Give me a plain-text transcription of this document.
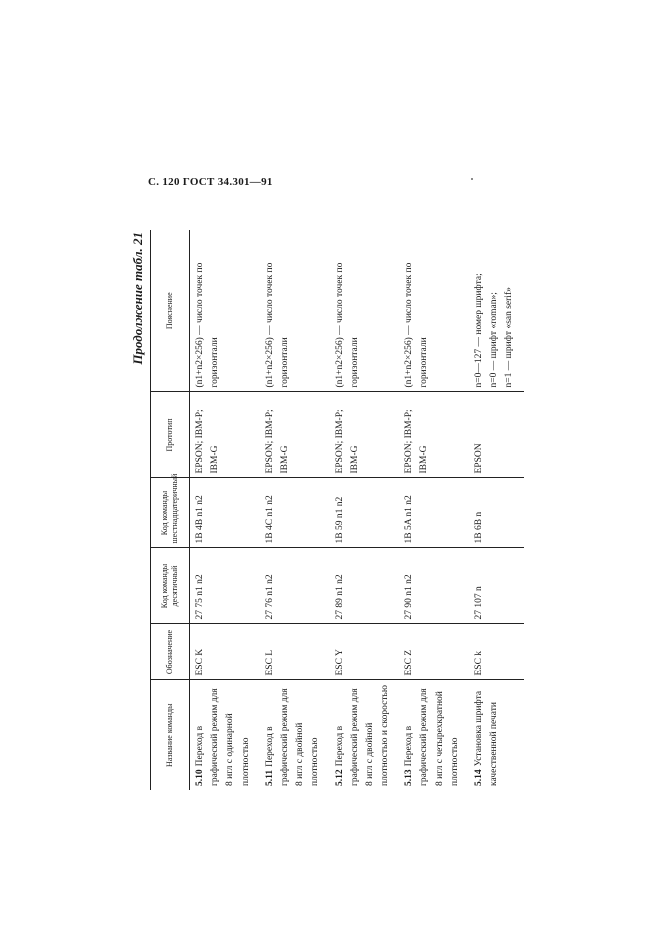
С. 120 ГОСТ 34.301—91
Продолжение табл. 21
Название команды	Обозначение	Код команды десятичный	Код команды шестнадцатеричный	Прототип	Пояснение
5.10Переход в графический режим для 8 игл с одинарной плотностью	ESC K	27 75 n1 n2	1B 4B n1 n2	EPSON; IBM-P; IBM-G	(n1+n2×256) — число точек по горизонтали
5.11Переход в графический режим для 8 игл с двойной плотностью	ESC L	27 76 n1 n2	1B 4C n1 n2	EPSON; IBM-P; IBM-G	(n1+n2×256) — число точек по горизонтали
5.12Переход в графический режим для 8 игл с двойной плотностью и скоростью	ESC Y	27 89 n1 n2	1B 59 n1 n2	EPSON; IBM-P; IBM-G	(n1+n2×256) — число точек по горизонтали
5.13Переход в графический режим для 8 игл с четырехкратной плотностью	ESC Z	27 90 n1 n2	1B 5A n1 n2	EPSON; IBM-P; IBM-G	(n1+n2×256) — число точек по горизонтали
5.14Установка шрифта качественной печати	ESC k	27 107 n	1B 6B n	EPSON	n=0—127 — номер шрифта; n=0 — шрифт «roman»; n=1 — шрифт «san serif»
